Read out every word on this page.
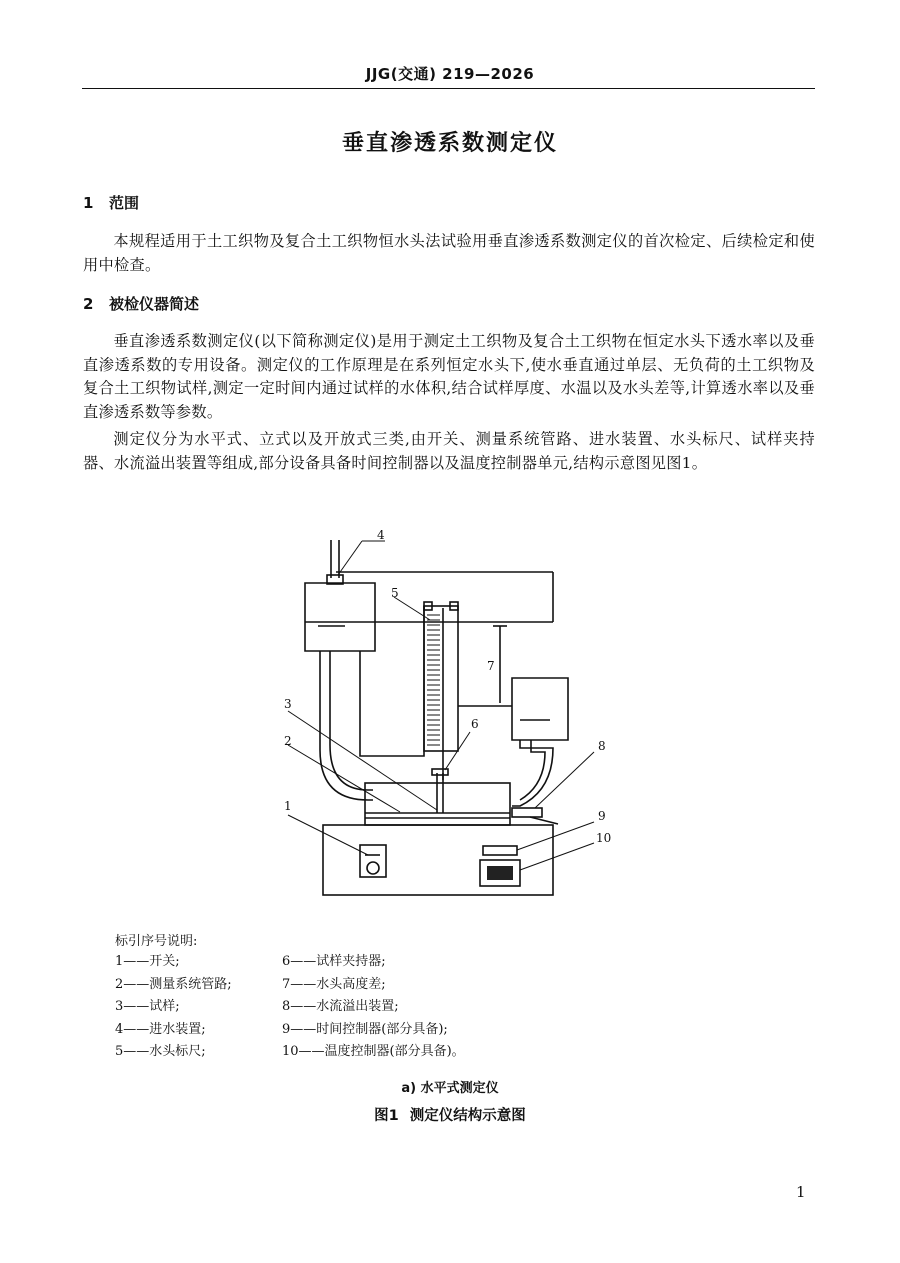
JJG(交通) 219—2026
垂直渗透系数测定仪
1 范围
本规程适用于土工织物及复合土工织物恒水头法试验用垂直渗透系数测定仪的首次检定、后续检定和使用中检查。
2 被检仪器简述
垂直渗透系数测定仪(以下简称测定仪)是用于测定土工织物及复合土工织物在恒定水头下透水率以及垂直渗透系数的专用设备。测定仪的工作原理是在系列恒定水头下,使水垂直通过单层、无负荷的土工织物及复合土工织物试样,测定一定时间内通过试样的水体积,结合试样厚度、水温以及水头差等,计算透水率以及垂直渗透系数等参数。
测定仪分为水平式、立式以及开放式三类,由开关、测量系统管路、进水装置、水头标尺、试样夹持器、水流溢出装置等组成,部分设备具备时间控制器以及温度控制器单元,结构示意图见图1。
4
5
7
3
6
2	8
1
9
10
标引序号说明:
1——开关;
2——测量系统管路;
3——试样;
4——进水装置;
5——水头标尺;
6——试样夹持器;
7——水头高度差;
8——水流溢出装置;
9——时间控制器(部分具备);
10——温度控制器(部分具备)。
a) 水平式测定仪
图1 测定仪结构示意图
1
